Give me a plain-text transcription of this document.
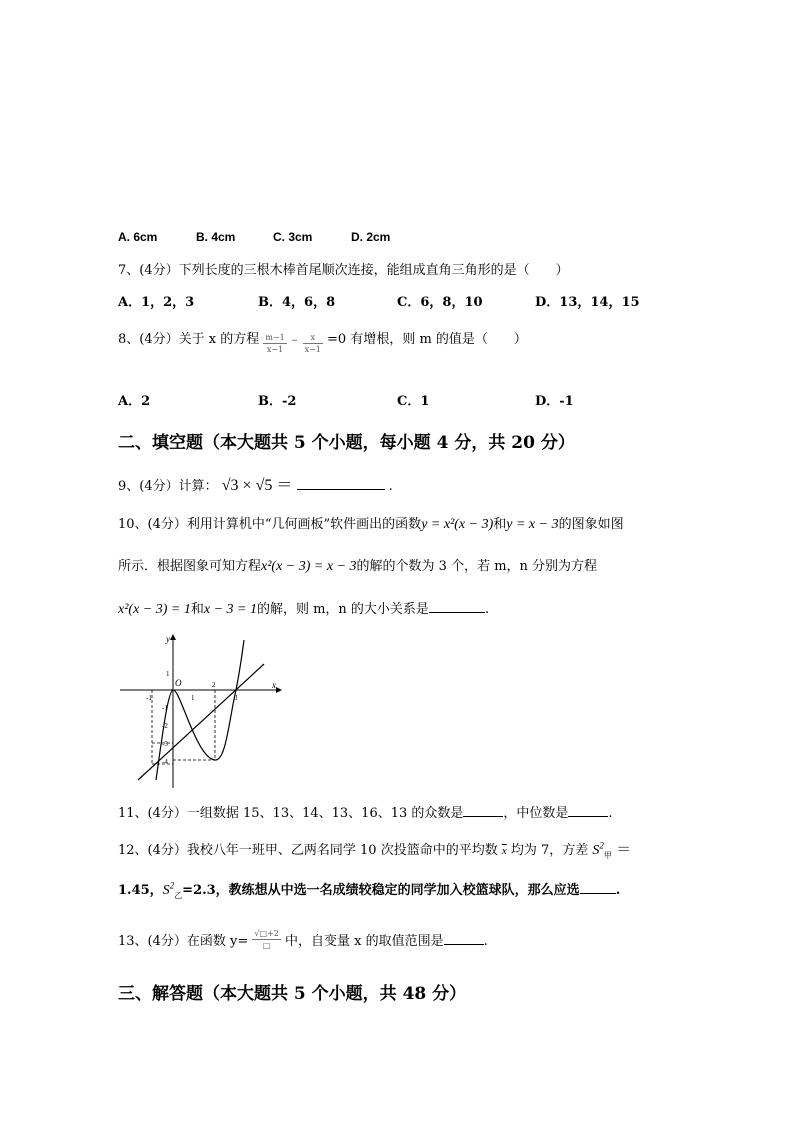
A. 6cm	B. 4cm	C. 3cm	D. 2cm
7、(4分）下列长度的三根木棒首尾顺次连接，能组成直角三角形的是（　　）
A．1，2，3	B．4，6，8	C．6，8，10	D．13，14，15
8、(4分）关于 x 的方程 $\frac{m-1}{x-1} - \frac{x}{x-1} =0$ 有增根，则 m 的值是（　　）
A．2	B．-2	C．1	D．-1
二、填空题（本大题共 5 个小题，每小题 4 分，共 20 分）
9、(4分）计算： √3 × √5 ＝	.
10、(4分）利用计算机中“几何画板”软件画出的函数y = x²(x − 3)和y = x − 3的图象如图
所示．根据图象可知方程x²(x − 3) = x − 3的解的个数为 3 个，若 m，n 分别为方程
x²(x − 3) = 1和x − 3 = 1的解，则 m，n 的大小关系是	.
y
x
O
-1	1
2
3
1
-1
-2
-3
-4
11、(4分）一组数据 15、13、14、13、16、13 的众数是	，中位数是	.
12、(4分）我校八年一班甲、乙两名同学 10 次投篮命中的平均数 $\overline{x}$ 均为 7，方差 $S^2_甲$ ＝
1.45，$S^2_乙=2.3$，教练想从中选一名成绩较稳定的同学加入校篮球队，那么应选	.
13、(4分）在函数 $y= \frac{√□+2}{□}$ 中，自变量 x 的取值范围是	.
三、解答题（本大题共 5 个小题，共 48 分）
